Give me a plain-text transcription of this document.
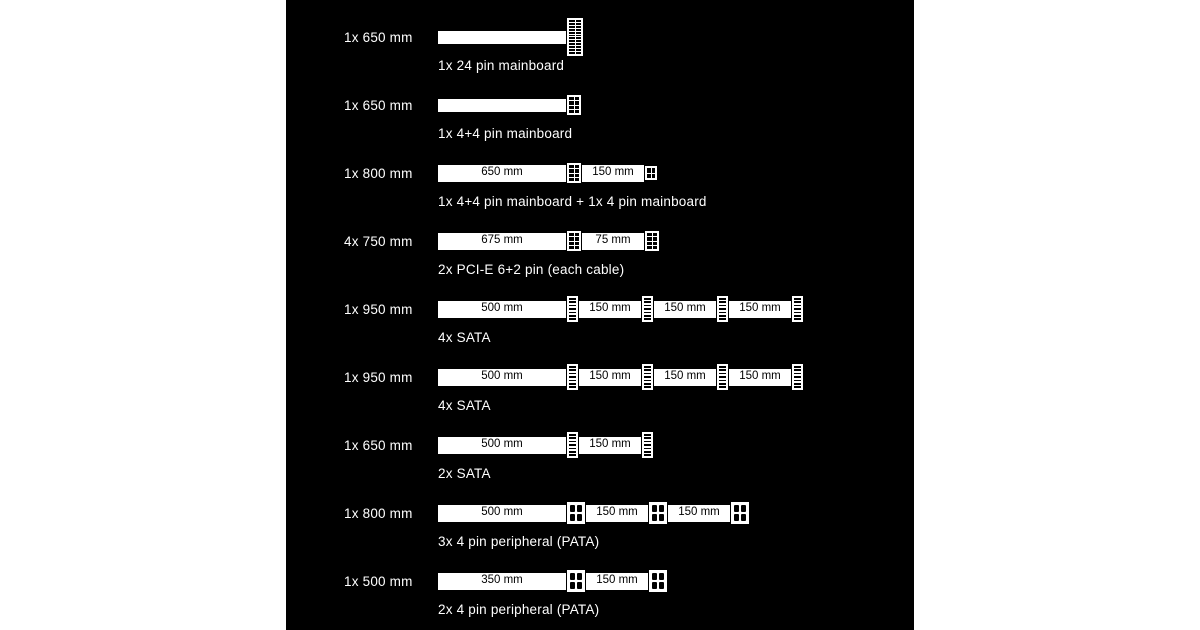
1x 650 mm
1x 24 pin mainboard
1x 650 mm
1x 4+4 pin mainboard
1x 800 mm	650 mm	150 mm
1x 4+4 pin mainboard + 1x 4 pin mainboard
4x 750 mm	675 mm	75 mm
2x PCI-E 6+2 pin (each cable)
1x 950 mm	500 mm	150 mm	150 mm	150 mm
4x SATA
1x 950 mm	500 mm	150 mm	150 mm	150 mm
4x SATA
1x 650 mm	500 mm	150 mm
2x SATA
1x 800 mm	500 mm	150 mm	150 mm
3x 4 pin peripheral (PATA)
1x 500 mm	350 mm	150 mm
2x 4 pin peripheral (PATA)
